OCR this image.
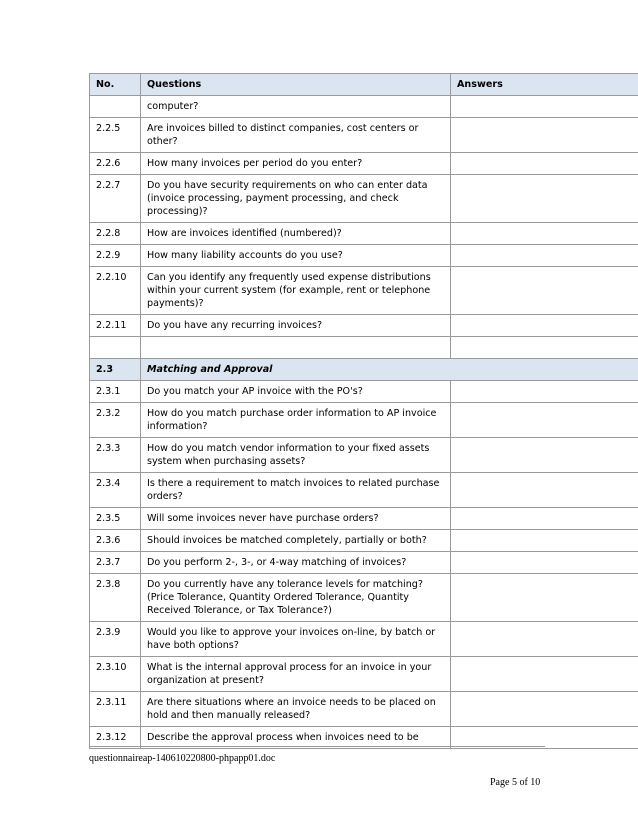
No.	Questions	Answers
	computer?	
2.2.5	Are invoices billed to distinct companies, cost centers or other?	
2.2.6	How many invoices per period do you enter?	
2.2.7	Do you have security requirements on who can enter data (invoice processing, payment processing, and check processing)?	
2.2.8	How are invoices identified (numbered)?	
2.2.9	How many liability accounts do you use?	
2.2.10	Can you identify any frequently used expense distributions within your current system (for example, rent or telephone payments)?	
2.2.11	Do you have any recurring invoices?	

2.3	Matching and Approval	
2.3.1	Do you match your AP invoice with the PO's?	
2.3.2	How do you match purchase order information to AP invoice information?	
2.3.3	How do you match vendor information to your fixed assets system when purchasing assets?	
2.3.4	Is there a requirement to match invoices to related purchase orders?	
2.3.5	Will some invoices never have purchase orders?	
2.3.6	Should invoices be matched completely, partially or both?	
2.3.7	Do you perform 2-, 3-, or 4-way matching of invoices?	
2.3.8	Do you currently have any tolerance levels for matching? (Price Tolerance, Quantity Ordered Tolerance, Quantity Received Tolerance, or Tax Tolerance?)	
2.3.9	Would you like to approve your invoices on-line, by batch or have both options?	
2.3.10	What is the internal approval process for an invoice in your organization at present?	
2.3.11	Are there situations where an invoice needs to be placed on hold and then manually released?	
2.3.12	Describe the approval process when invoices need to be	
questionnaireap-140610220800-phpapp01.doc
Page 5 of 10
